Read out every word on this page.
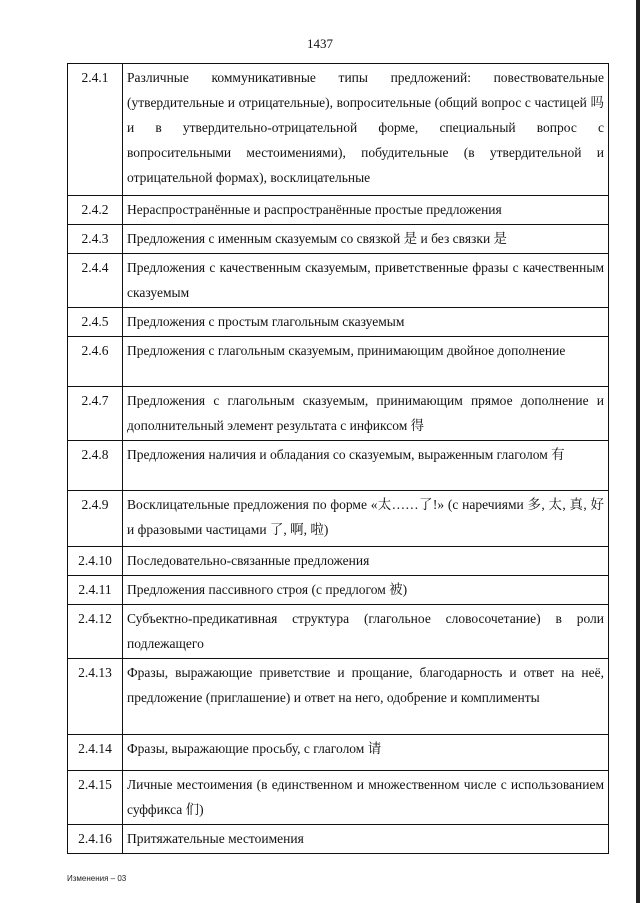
1437
2.4.1	Различные коммуникативные типы предложений: повествовательные (утвердительные и отрицательные), вопросительные (общий вопрос с частицей 吗 и в утвердительно-отрицательной форме, специальный вопрос с вопросительными местоимениями), побудительные (в утвердительной и отрицательной формах), восклицательные
2.4.2	Нераспространённые и распространённые простые предложения
2.4.3	Предложения с именным сказуемым со связкой 是 и без связки 是
2.4.4	Предложения с качественным сказуемым, приветственные фразы с качественным сказуемым
2.4.5	Предложения с простым глагольным сказуемым
2.4.6	Предложения с глагольным сказуемым, принимающим двойное дополнение
2.4.7	Предложения с глагольным сказуемым, принимающим прямое дополнение и дополнительный элемент результата с инфиксом 得
2.4.8	Предложения наличия и обладания со сказуемым, выраженным глаголом 有
2.4.9	Восклицательные предложения по форме «太……了!» (с наречиями 多, 太, 真, 好 и фразовыми частицами 了, 啊, 啦)
2.4.10	Последовательно-связанные предложения
2.4.11	Предложения пассивного строя (с предлогом 被)
2.4.12	Субъектно-предикативная структура (глагольное словосочетание) в роли подлежащего
2.4.13	Фразы, выражающие приветствие и прощание, благодарность и ответ на неё, предложение (приглашение) и ответ на него, одобрение и комплименты
2.4.14	Фразы, выражающие просьбу, с глаголом 请
2.4.15	Личные местоимения (в единственном и множественном числе с использованием суффикса 们)
2.4.16	Притяжательные местоимения
Изменения – 03
